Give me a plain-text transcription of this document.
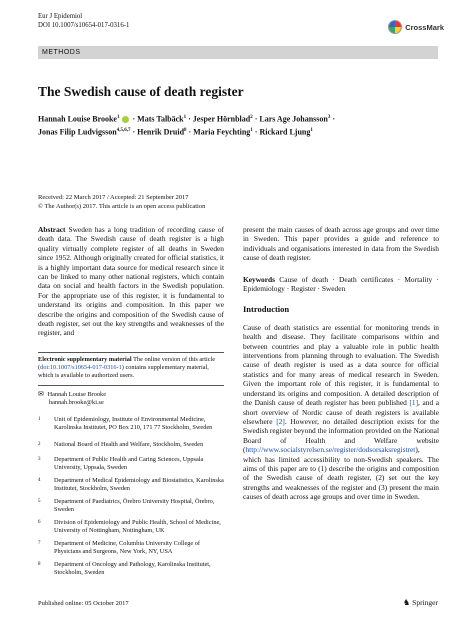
Eur J Epidemiol
DOI 10.1007/s10654-017-0316-1	CrossMark
METHODS
The Swedish cause of death register
Hannah Louise Brooke$^1$ · Mats Talbäck$^1$ · Jesper Hörnblad$^2$ · Lars Age Johansson$^3$ ·
Jonas Filip Ludvigsson$^{4,5,6,7}$ · Henrik Druid$^8$ · Maria Feychting$^1$ · Rickard Ljung$^1$
Received: 22 March 2017 / Accepted: 21 September 2017
© The Author(s) 2017. This article is an open access publication
Abstract Sweden has a long tradition of recording cause of death data. The Swedish cause of death register is a high quality virtually complete register of all deaths in Sweden since 1952. Although originally created for official statistics, it is a highly important data source for medical research since it can be linked to many other national registers, which contain data on social and health factors in the Swedish population. For the appropriate use of this register, it is fundamental to understand its origins and composition. In this paper we describe the origins and composition of the Swedish cause of death register, set out the key strengths and weaknesses of the register, and
Electronic supplementary material The online version of this article (doi:10.1007/s10654-017-0316-1) contains supplementary material, which is available to authorized users.
✉ Hannah Louise Brooke
hannah.brooke@ki.se
1	Unit of Epidemiology, Institute of Environmental Medicine, Karolinska Institutet, PO Box 210, 171 77 Stockholm, Sweden
2	National Board of Health and Welfare, Stockholm, Sweden
3	Department of Public Health and Caring Sciences, Uppsala University, Uppsala, Sweden
4	Department of Medical Epidemiology and Biostatistics, Karolinska Institutet, Stockholm, Sweden
5	Department of Paediatrics, Örebro University Hospital, Örebro, Sweden
6	Division of Epidemiology and Public Health, School of Medicine, University of Nottingham, Nottingham, UK
7	Department of Medicine, Columbia University College of Physicians and Surgeons, New York, NY, USA
8	Department of Oncology and Pathology, Karolinska Institutet, Stockholm, Sweden
present the main causes of death across age groups and over time in Sweden. This paper provides a guide and reference to individuals and organisations interested in data from the Swedish cause of death register.
Keywords Cause of death · Death certificates · Mortality · Epidemiology · Register · Sweden
Introduction
Cause of death statistics are essential for monitoring trends in health and disease. They facilitate comparisons within and between countries and play a valuable role in public health interventions from planning through to evaluation. The Swedish cause of death register is used as a data source for official statistics and for many areas of medical research in Sweden. Given the important role of this register, it is fundamental to understand its origins and composition. A detailed description of the Danish cause of death register has been published [1], and a short overview of Nordic cause of death registers is available elsewhere [2]. However, no detailed description exists for the Swedish register beyond the information provided on the National Board of Health and Welfare website (http://www.socialstyrelsen.se/register/dodsorsaksregistret), which has limited accessibility to non-Swedish speakers. The aims of this paper are to (1) describe the origins and composition of the Swedish cause of death register, (2) set out the key strengths and weaknesses of the register and (3) present the main causes of death across age groups and over time in Sweden.
Published online: 05 October 2017	♞ Springer
